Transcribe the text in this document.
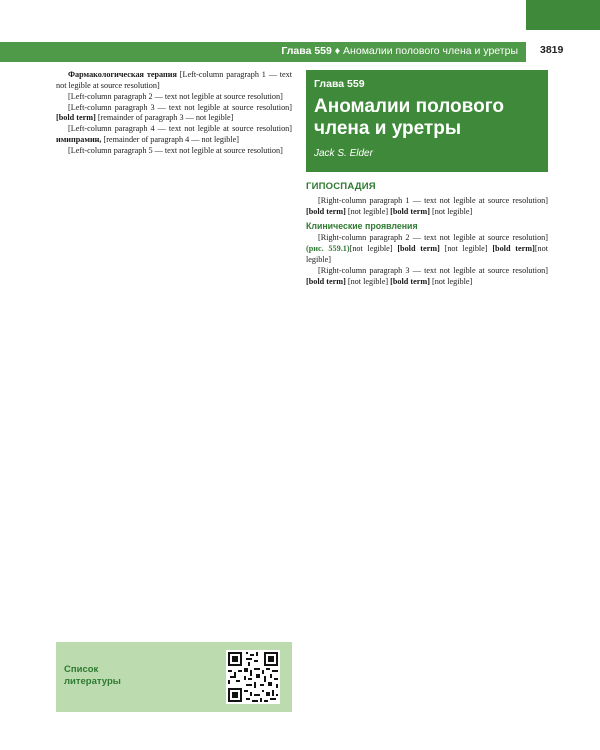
Глава 559 ♦ Аномалии полового члена и уретры 3819

Фармакологическая терапия [Left-column paragraph 1 — text not legible at source resolution]

[Left-column paragraph 2 — text not legible at source resolution]

[Left-column paragraph 3 — text not legible at source resolution] [bold term] [remainder of paragraph 3 — not legible]

[Left-column paragraph 4 — text not legible at source resolution] имипрамин, [remainder of paragraph 4 — not legible]

[Left-column paragraph 5 — text not legible at source resolution]

Глава 559
Аномалии полового члена и уретры
Jack S. Elder
ГИПОСПАДИЯ

[Right-column paragraph 1 — text not legible at source resolution] [bold term] [not legible] [bold term] [not legible]

Клинические проявления

[Right-column paragraph 2 — text not legible at source resolution] (рис. 559.1)[not legible] [bold term] [not legible] [bold term][not legible]

[Right-column paragraph 3 — text not legible at source resolution] [bold term] [not legible] [bold term] [not legible]

Список
литературы
